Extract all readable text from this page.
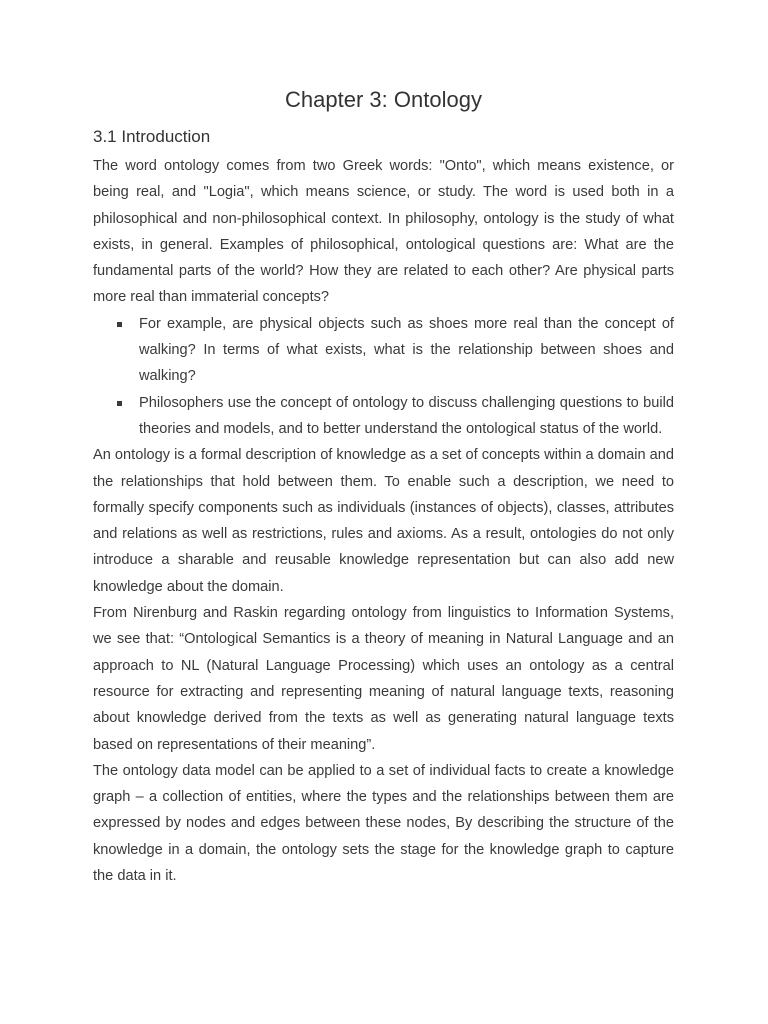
Chapter 3: Ontology
3.1 Introduction

The word ontology comes from two Greek words: "Onto", which means existence, or being real, and "Logia", which means science, or study. The word is used both in a philosophical and non-philosophical context. In philosophy, ontology is the study of what exists, in general. Examples of philosophical, ontological questions are: What are the fundamental parts of the world? How they are related to each other? Are physical parts more real than immaterial concepts?

For example, are physical objects such as shoes more real than the concept of walking? In terms of what exists, what is the relationship between shoes and walking?
Philosophers use the concept of ontology to discuss challenging questions to build theories and models, and to better understand the ontological status of the world.

An ontology is a formal description of knowledge as a set of concepts within a domain and the relationships that hold between them. To enable such a description, we need to formally specify components such as individuals (instances of objects), classes, attributes and relations as well as restrictions, rules and axioms. As a result, ontologies do not only introduce a sharable and reusable knowledge representation but can also add new knowledge about the domain.

From Nirenburg and Raskin regarding ontology from linguistics to Information Systems, we see that: “Ontological Semantics is a theory of meaning in Natural Language and an approach to NL (Natural Language Processing) which uses an ontology as a central resource for extracting and representing meaning of natural language texts, reasoning about knowledge derived from the texts as well as generating natural language texts based on representations of their meaning”.

The ontology data model can be applied to a set of individual facts to create a knowledge graph – a collection of entities, where the types and the relationships between them are expressed by nodes and edges between these nodes, By describing the structure of the knowledge in a domain, the ontology sets the stage for the knowledge graph to capture the data in it.
